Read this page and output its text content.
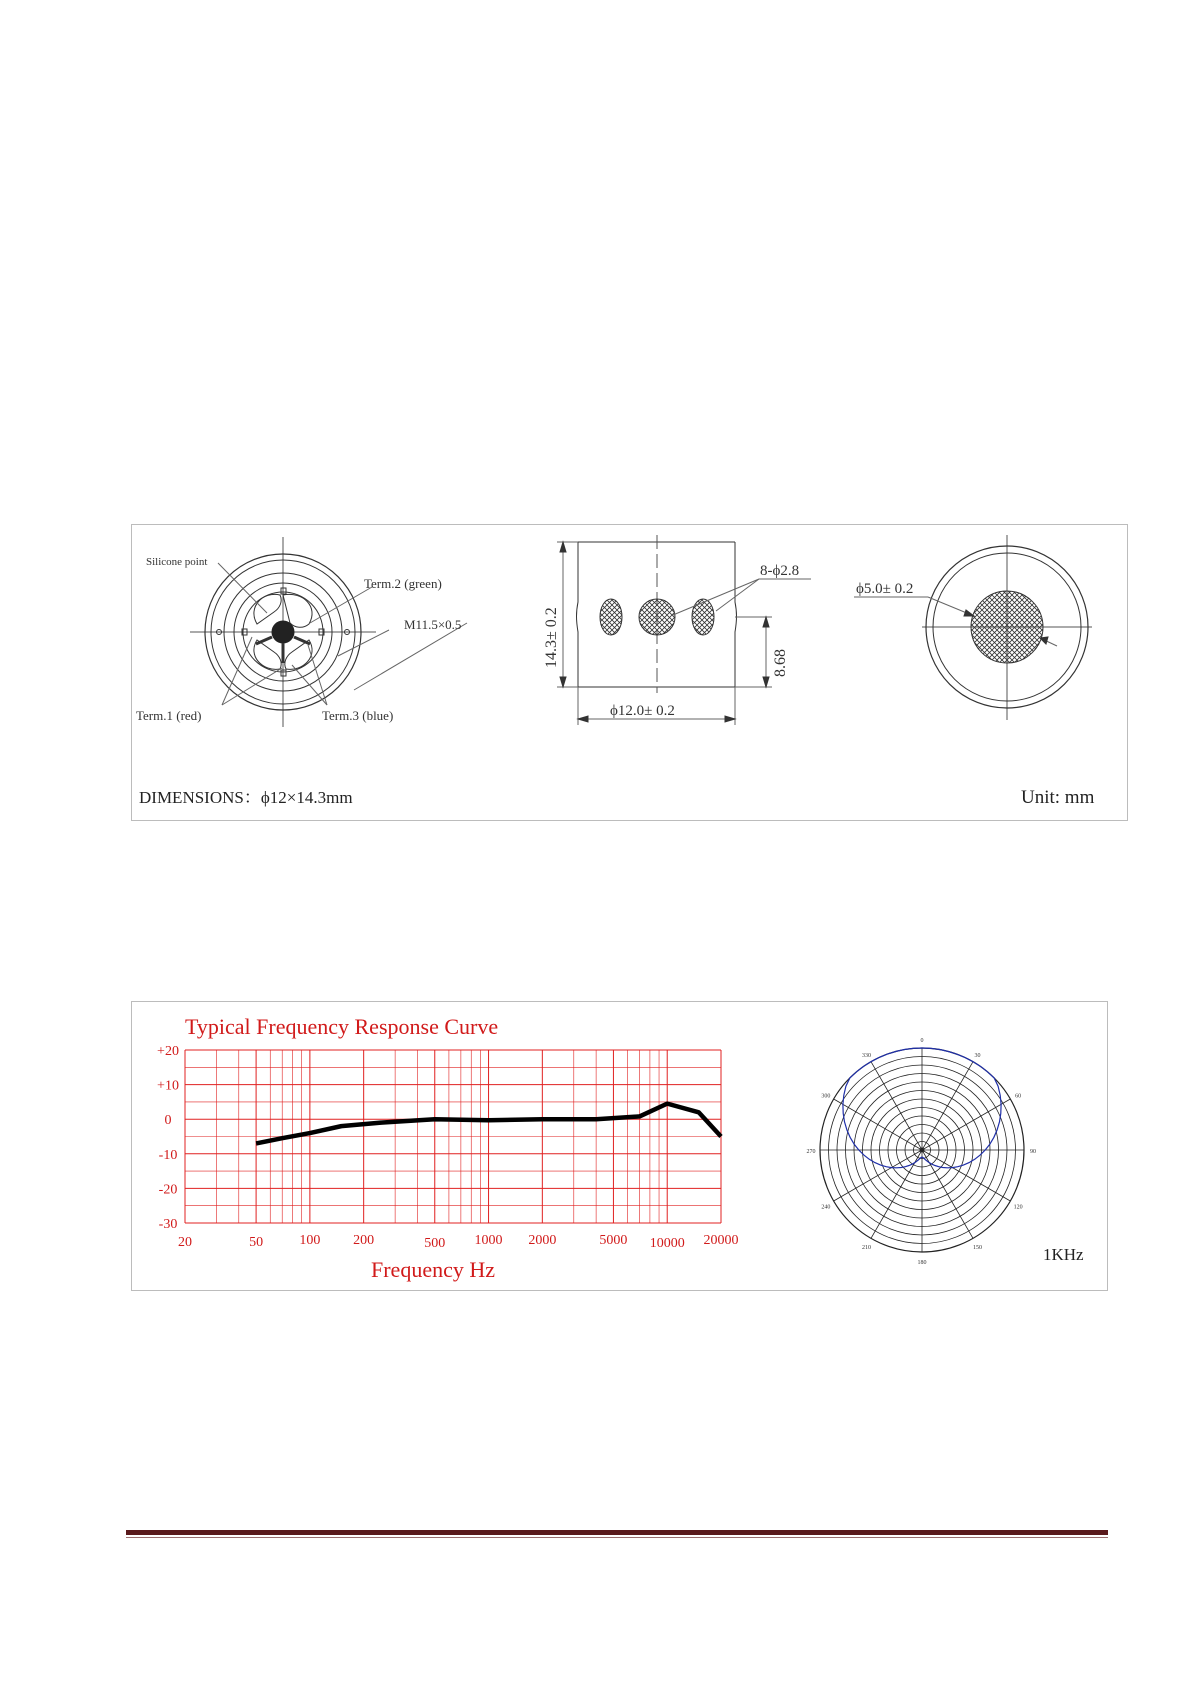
Silicone point
Term.2 (green)
M11.5×0.5
Term.1 (red)	Term.3 (blue)
8-ϕ2.8
14.3± 0.2	8.68
ϕ12.0± 0.2
ϕ5.0± 0.2
DIMENSIONS：ϕ12×14.3mm	Unit: mm
Typical Frequency Response Curve
+20
+10
0
-10
-20
-30
20	50	100 200	500 1000 2000	5000 10000 20000
Frequency Hz
0
30
60
90
120
150
180
210
240
270
300
330
1KHz
